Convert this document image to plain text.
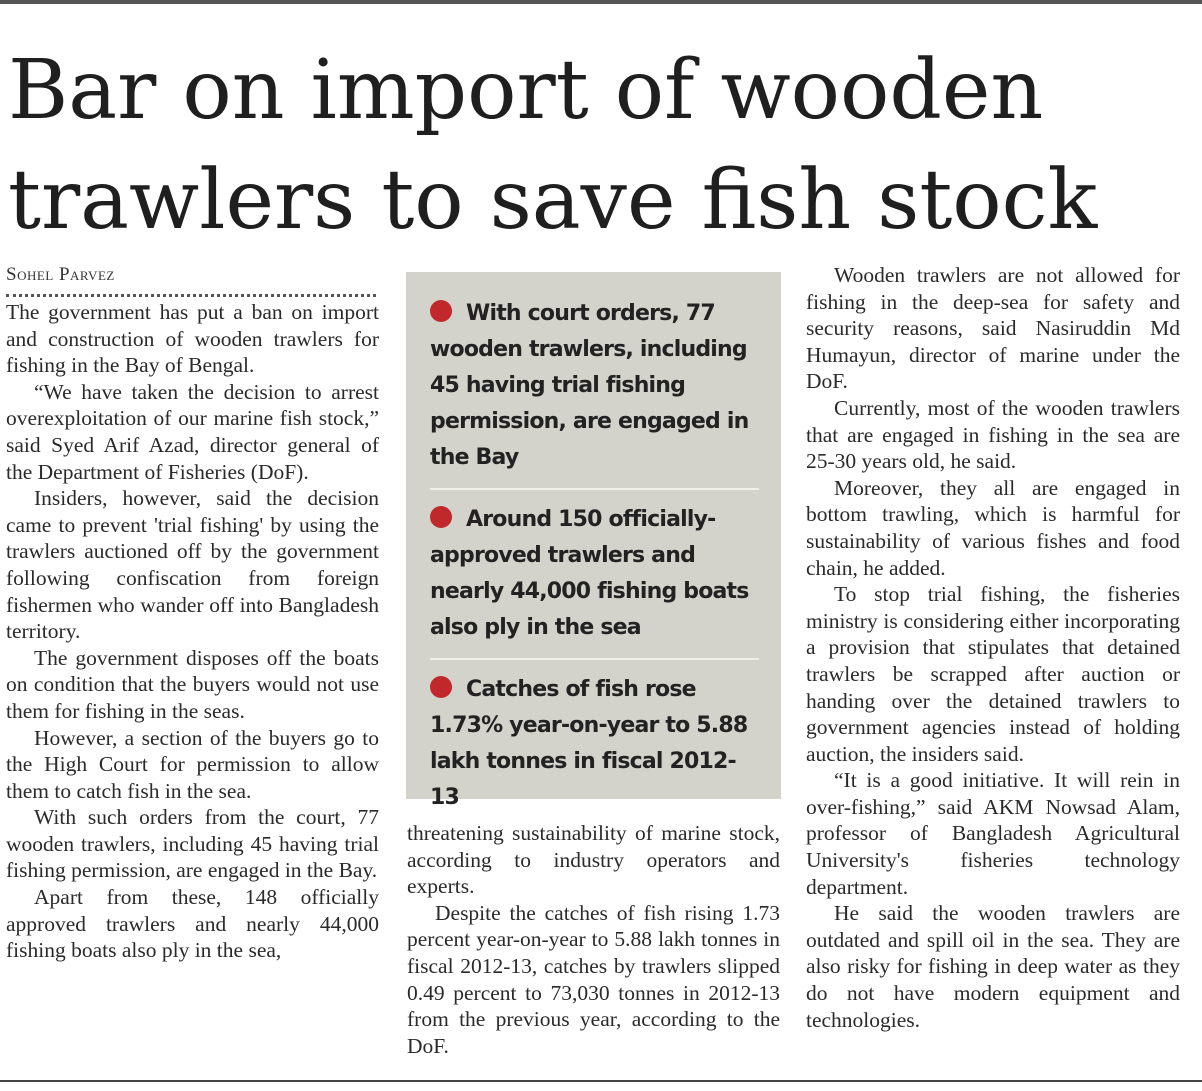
Bar on import of wooden
trawlers to save fish stock
Sohel Parvez

The government has put a ban on import and construction of wooden trawlers for fishing in the Bay of Bengal.

“We have taken the decision to arrest overexploitation of our marine fish stock,” said Syed Arif Azad, director general of the Department of Fisheries (DoF).

Insiders, however, said the decision came to prevent 'trial fishing' by using the trawlers auctioned off by the government following confiscation from foreign fishermen who wander off into Bangladesh territory.

The government disposes off the boats on condition that the buyers would not use them for fishing in the seas.

However, a section of the buyers go to the High Court for permission to allow them to catch fish in the sea.

With such orders from the court, 77 wooden trawlers, including 45 having trial fishing permission, are engaged in the Bay.

Apart from these, 148 officially approved trawlers and nearly 44,000 fishing boats also ply in the sea,

With court orders, 77 wooden trawlers, including 45 having trial fishing permission, are engaged in the Bay
Around 150 officially-approved trawlers and nearly 44,000 fishing boats also ply in the sea
Catches of fish rose 1.73% year-on-year to 5.88 lakh tonnes in fiscal 2012-13

threatening sustainability of marine stock, according to industry operators and experts.

Despite the catches of fish rising 1.73 percent year-on-year to 5.88 lakh tonnes in fiscal 2012-13, catches by trawlers slipped 0.49 percent to 73,030 tonnes in 2012-13 from the previous year, according to the DoF.

Wooden trawlers are not allowed for fishing in the deep-sea for safety and security reasons, said Nasiruddin Md Humayun, director of marine under the DoF.

Currently, most of the wooden trawlers that are engaged in fishing in the sea are 25-30 years old, he said.

Moreover, they all are engaged in bottom trawling, which is harmful for sustainability of various fishes and food chain, he added.

To stop trial fishing, the fisheries ministry is considering either incorporating a provision that stipulates that detained trawlers be scrapped after auction or handing over the detained trawlers to government agencies instead of holding auction, the insiders said.

“It is a good initiative. It will rein in over-fishing,” said AKM Nowsad Alam, professor of Bangladesh Agricultural University's fisheries technology department.

He said the wooden trawlers are outdated and spill oil in the sea. They are also risky for fishing in deep water as they do not have modern equipment and technologies.
